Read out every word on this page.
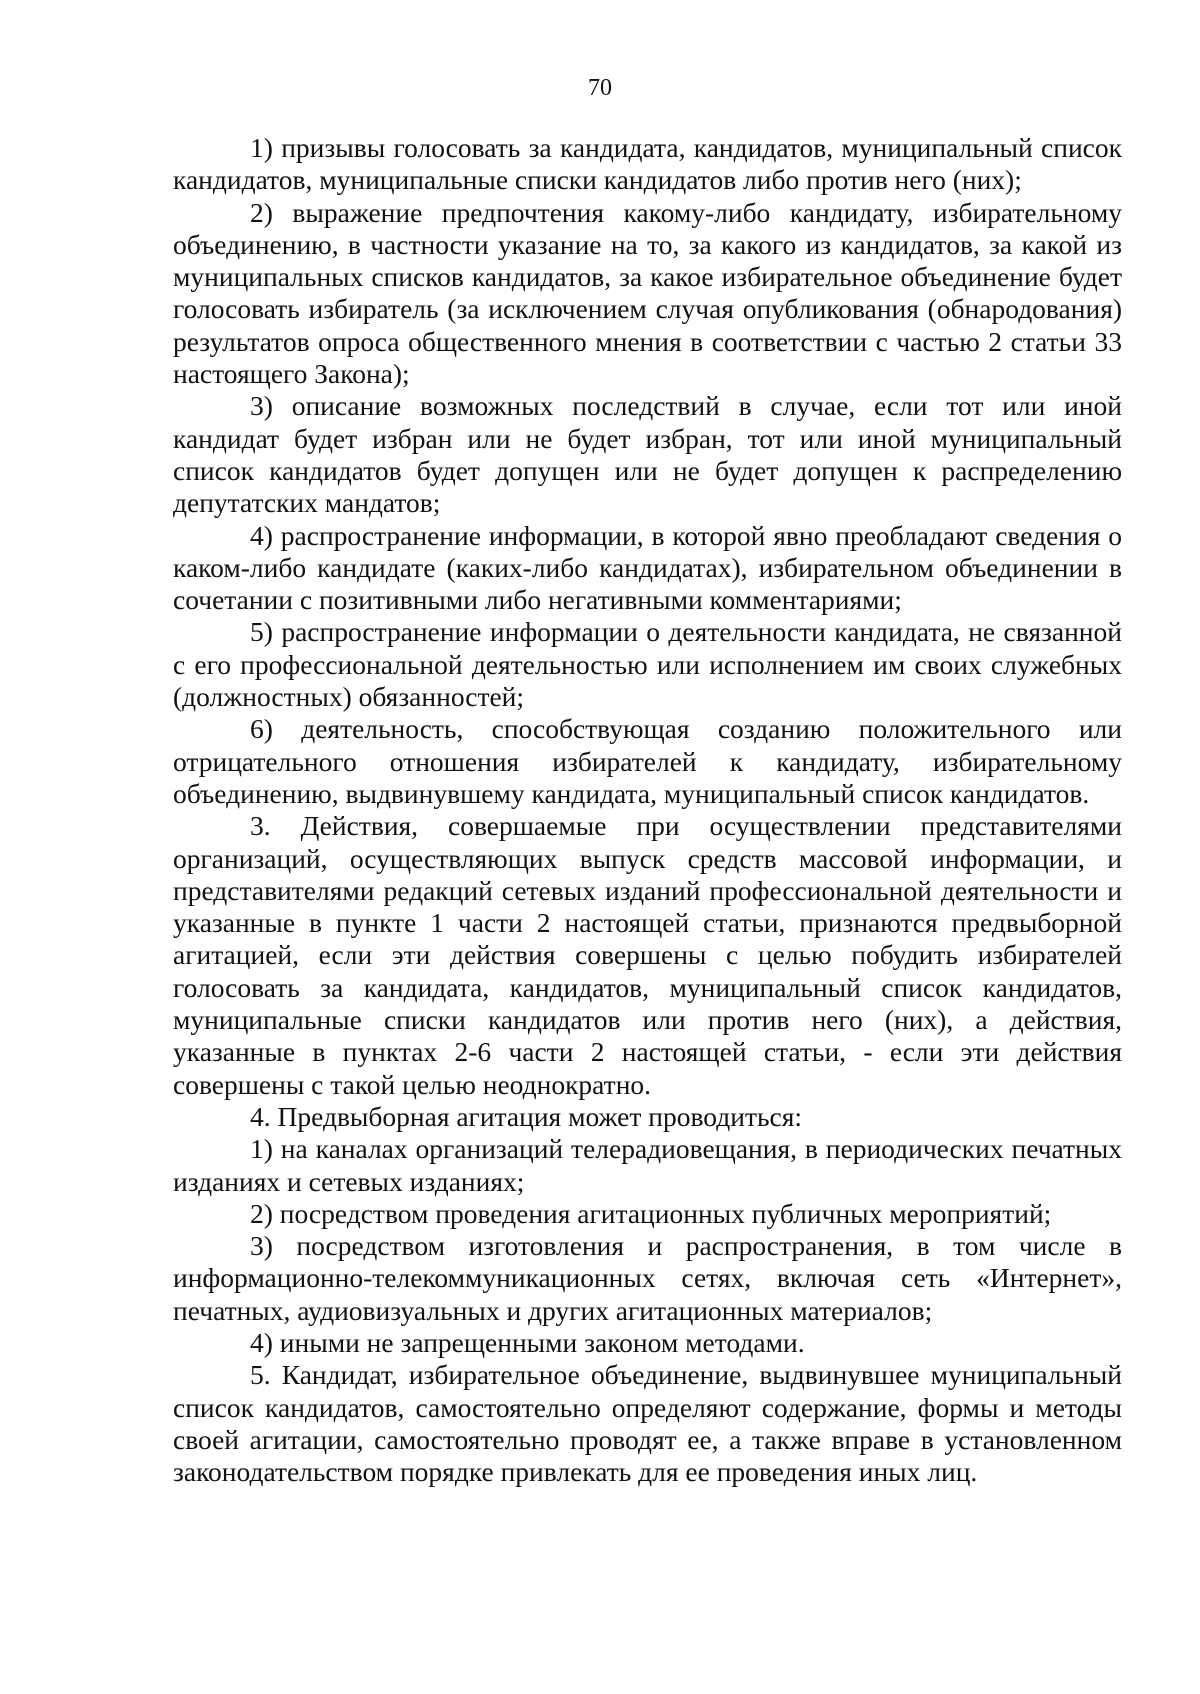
70

1) призывы голосовать за кандидата, кандидатов, муниципальный список кандидатов, муниципальные списки кандидатов либо против него (них);

2) выражение предпочтения какому-либо кандидату, избирательному объединению, в частности указание на то, за какого из кандидатов, за какой из муниципальных списков кандидатов, за какое избирательное объединение будет голосовать избиратель (за исключением случая опубликования (обнародования) результатов опроса общественного мнения в соответствии с частью 2 статьи 33 настоящего Закона);

3) описание возможных последствий в случае, если тот или иной кандидат будет избран или не будет избран, тот или иной муниципальный список кандидатов будет допущен или не будет допущен к распределению депутатских мандатов;

4) распространение информации, в которой явно преобладают сведения о каком-либо кандидате (каких-либо кандидатах), избирательном объединении в сочетании с позитивными либо негативными комментариями;

5) распространение информации о деятельности кандидата, не связанной с его профессиональной деятельностью или исполнением им своих служебных (должностных) обязанностей;

6) деятельность, способствующая созданию положительного или отрицательного отношения избирателей к кандидату, избирательному объединению, выдвинувшему кандидата, муниципальный список кандидатов.

3. Действия, совершаемые при осуществлении представителями организаций, осуществляющих выпуск средств массовой информации, и представителями редакций сетевых изданий профессиональной деятельности и указанные в пункте 1 части 2 настоящей статьи, признаются предвыборной агитацией, если эти действия совершены с целью побудить избирателей голосовать за кандидата, кандидатов, муниципальный список кандидатов, муниципальные списки кандидатов или против него (них), а действия, указанные в пунктах 2-6 части 2 настоящей статьи, - если эти действия совершены с такой целью неоднократно.

4. Предвыборная агитация может проводиться:

1) на каналах организаций телерадиовещания, в периодических печатных изданиях и сетевых изданиях;

2) посредством проведения агитационных публичных мероприятий;

3) посредством изготовления и распространения, в том числе в информационно-телекоммуникационных сетях, включая сеть «Интернет», печатных, аудиовизуальных и других агитационных материалов;

4) иными не запрещенными законом методами.

5. Кандидат, избирательное объединение, выдвинувшее муниципальный список кандидатов, самостоятельно определяют содержание, формы и методы своей агитации, самостоятельно проводят ее, а также вправе в установленном законодательством порядке привлекать для ее проведения иных лиц.
